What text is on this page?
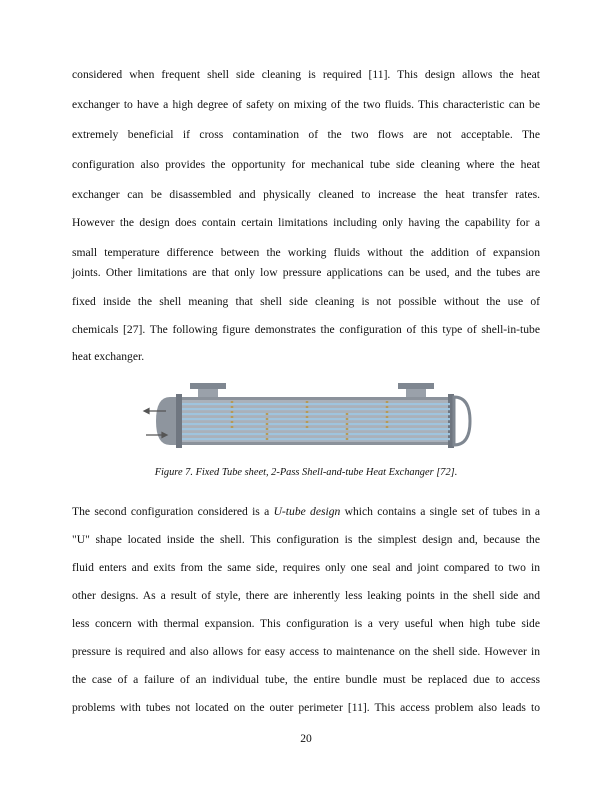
considered when frequent shell side cleaning is required [11]. This design allows the heat
exchanger to have a high degree of safety on mixing of the two fluids. This characteristic can be
extremely beneficial if cross contamination of the two flows are not acceptable. The
configuration also provides the opportunity for mechanical tube side cleaning where the heat
exchanger can be disassembled and physically cleaned to increase the heat transfer rates.
However the design does contain certain limitations including only having the capability for a
small temperature difference between the working fluids without the addition of expansion
joints. Other limitations are that only low pressure applications can be used, and the tubes are
fixed inside the shell meaning that shell side cleaning is not possible without the use of
chemicals [27]. The following figure demonstrates the configuration of this type of shell-in-tube
heat exchanger.
Figure 7. Fixed Tube sheet, 2-Pass Shell-and-tube Heat Exchanger [72].
The second configuration considered is a U-tube design which contains a single set of tubes in a
"U" shape located inside the shell. This configuration is the simplest design and, because the
fluid enters and exits from the same side, requires only one seal and joint compared to two in
other designs. As a result of style, there are inherently less leaking points in the shell side and
less concern with thermal expansion. This configuration is a very useful when high tube side
pressure is required and also allows for easy access to maintenance on the shell side. However in
the case of a failure of an individual tube, the entire bundle must be replaced due to access
problems with tubes not located on the outer perimeter [11]. This access problem also leads to
20
